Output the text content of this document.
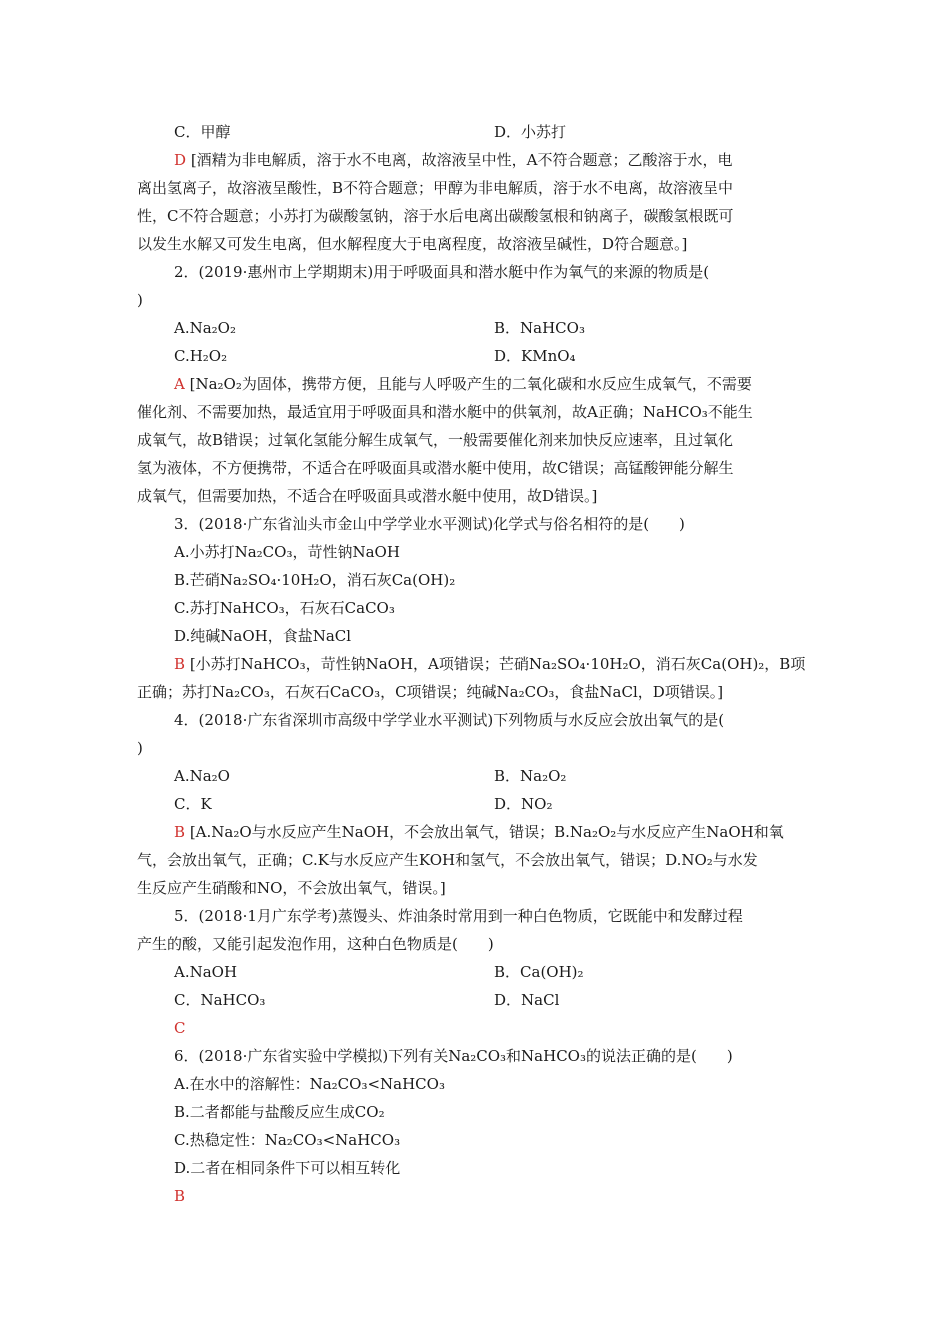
C．甲醇	D．小苏打
D [酒精为非电解质，溶于水不电离，故溶液呈中性，A不符合题意；乙酸溶于水，电
离出氢离子，故溶液呈酸性，B不符合题意；甲醇为非电解质，溶于水不电离，故溶液呈中
性，C不符合题意；小苏打为碳酸氢钠，溶于水后电离出碳酸氢根和钠离子，碳酸氢根既可
以发生水解又可发生电离，但水解程度大于电离程度，故溶液呈碱性，D符合题意。]
2．(2019·惠州市上学期期末)用于呼吸面具和潜水艇中作为氧气的来源的物质是(
)
A.Na₂O₂	B．NaHCO₃
C.H₂O₂	D．KMnO₄
A [Na₂O₂为固体，携带方便，且能与人呼吸产生的二氧化碳和水反应生成氧气，不需要
催化剂、不需要加热，最适宜用于呼吸面具和潜水艇中的供氧剂，故A正确；NaHCO₃不能生
成氧气，故B错误；过氧化氢能分解生成氧气，一般需要催化剂来加快反应速率，且过氧化
氢为液体，不方便携带，不适合在呼吸面具或潜水艇中使用，故C错误；高锰酸钾能分解生
成氧气，但需要加热，不适合在呼吸面具或潜水艇中使用，故D错误。]
3．(2018·广东省汕头市金山中学学业水平测试)化学式与俗名相符的是(　　)
A.小苏打Na₂CO₃，苛性钠NaOH
B.芒硝Na₂SO₄·10H₂O，消石灰Ca(OH)₂
C.苏打NaHCO₃，石灰石CaCO₃
D.纯碱NaOH，食盐NaCl
B [小苏打NaHCO₃，苛性钠NaOH，A项错误；芒硝Na₂SO₄·10H₂O，消石灰Ca(OH)₂，B项
正确；苏打Na₂CO₃，石灰石CaCO₃，C项错误；纯碱Na₂CO₃，食盐NaCl，D项错误。]
4．(2018·广东省深圳市高级中学学业水平测试)下列物质与水反应会放出氧气的是(
)
A.Na₂O	B．Na₂O₂
C．K	D．NO₂
B [A.Na₂O与水反应产生NaOH，不会放出氧气，错误；B.Na₂O₂与水反应产生NaOH和氧
气，会放出氧气，正确；C.K与水反应产生KOH和氢气，不会放出氧气，错误；D.NO₂与水发
生反应产生硝酸和NO，不会放出氧气，错误。]
5．(2018·1月广东学考)蒸馒头、炸油条时常用到一种白色物质，它既能中和发酵过程
产生的酸，又能引起发泡作用，这种白色物质是(　　)
A.NaOH	B．Ca(OH)₂
C．NaHCO₃	D．NaCl
C
6．(2018·广东省实验中学模拟)下列有关Na₂CO₃和NaHCO₃的说法正确的是(　　)
A.在水中的溶解性：Na₂CO₃<NaHCO₃
B.二者都能与盐酸反应生成CO₂
C.热稳定性：Na₂CO₃<NaHCO₃
D.二者在相同条件下可以相互转化
B
